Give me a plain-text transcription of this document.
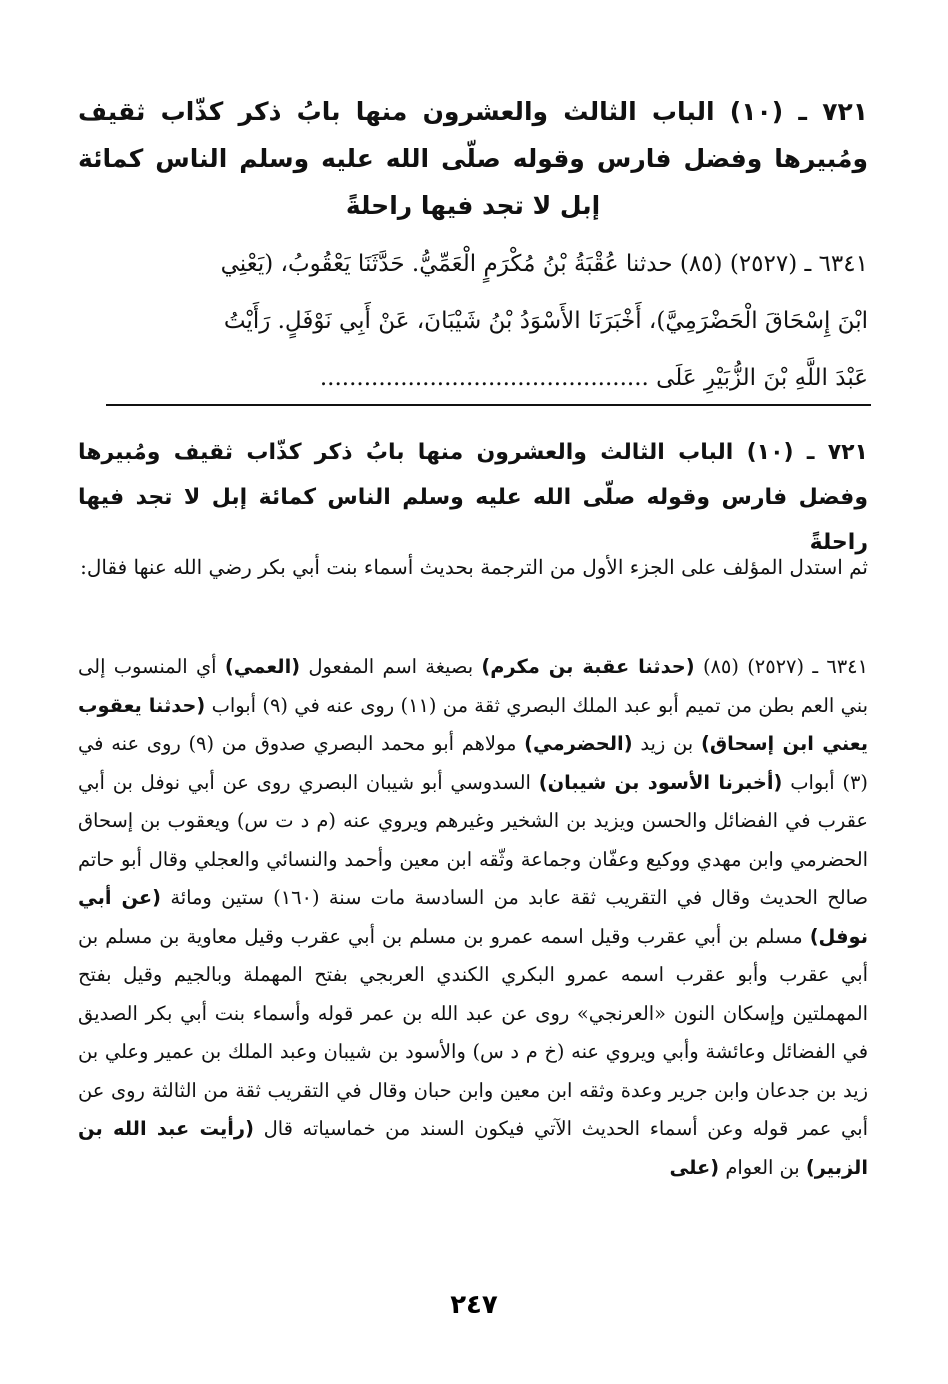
٧٢١ ـ (١٠) الباب الثالث والعشرون منها بابُ ذكر كذّاب ثقيف ومُبيرها وفضل فارس وقوله صلّى الله عليه وسلم الناس كمائة إبل لا تجد فيها راحلةً
٦٣٤١ ـ (٢٥٢٧) (٨٥) حدثنا عُقْبَةُ بْنُ مُكْرَمٍ الْعَمِّيُّ. حَدَّثَنَا يَعْقُوبُ، (يَعْنِي
ابْنَ إِسْحَاقَ الْحَضْرَمِيَّ)، أَخْبَرَنَا الأَسْوَدُ بْنُ شَيْبَانَ، عَنْ أَبِي نَوْفَلٍ. رَأَيْتُ
عَبْدَ اللَّهِ بْنَ الزُّبَيْرِ عَلَى .............................................
٧٢١ ـ (١٠) الباب الثالث والعشرون منها بابُ ذكر كذّاب ثقيف ومُبيرها وفضل فارس وقوله صلّى الله عليه وسلم الناس كمائة إبل لا تجد فيها راحلةً
ثم استدل المؤلف على الجزء الأول من الترجمة بحديث أسماء بنت أبي بكر رضي الله عنها فقال:
٦٣٤١ ـ (٢٥٢٧) (٨٥) (حدثنا عقبة بن مكرم) بصيغة اسم المفعول (العمي) أي المنسوب إلى بني العم بطن من تميم أبو عبد الملك البصري ثقة من (١١) روى عنه في (٩) أبواب (حدثنا يعقوب يعني ابن إسحاق) بن زيد (الحضرمي) مولاهم أبو محمد البصري صدوق من (٩) روى عنه في (٣) أبواب (أخبرنا الأسود بن شيبان) السدوسي أبو شيبان البصري روى عن أبي نوفل بن أبي عقرب في الفضائل والحسن ويزيد بن الشخير وغيرهم ويروي عنه (م د ت س) ويعقوب بن إسحاق الحضرمي وابن مهدي ووكيع وعفّان وجماعة وثّقه ابن معين وأحمد والنسائي والعجلي وقال أبو حاتم صالح الحديث وقال في التقريب ثقة عابد من السادسة مات سنة (١٦٠) ستين ومائة (عن أبي نوفل) مسلم بن أبي عقرب وقيل اسمه عمرو بن مسلم بن أبي عقرب وقيل معاوية بن مسلم بن أبي عقرب وأبو عقرب اسمه عمرو البكري الكندي العربجي بفتح المهملة وبالجيم وقيل بفتح المهملتين وإسكان النون «العرنجي» روى عن عبد الله بن عمر قوله وأسماء بنت أبي بكر الصديق في الفضائل وعائشة وأبي ويروي عنه (خ م د س) والأسود بن شيبان وعبد الملك بن عمير وعلي بن زيد بن جدعان وابن جرير وعدة وثقه ابن معين وابن حبان وقال في التقريب ثقة من الثالثة روى عن أبي عمر قوله وعن أسماء الحديث الآتي فيكون السند من خماسياته قال (رأيت عبد الله بن الزبير) بن العوام (على
٢٤٧
